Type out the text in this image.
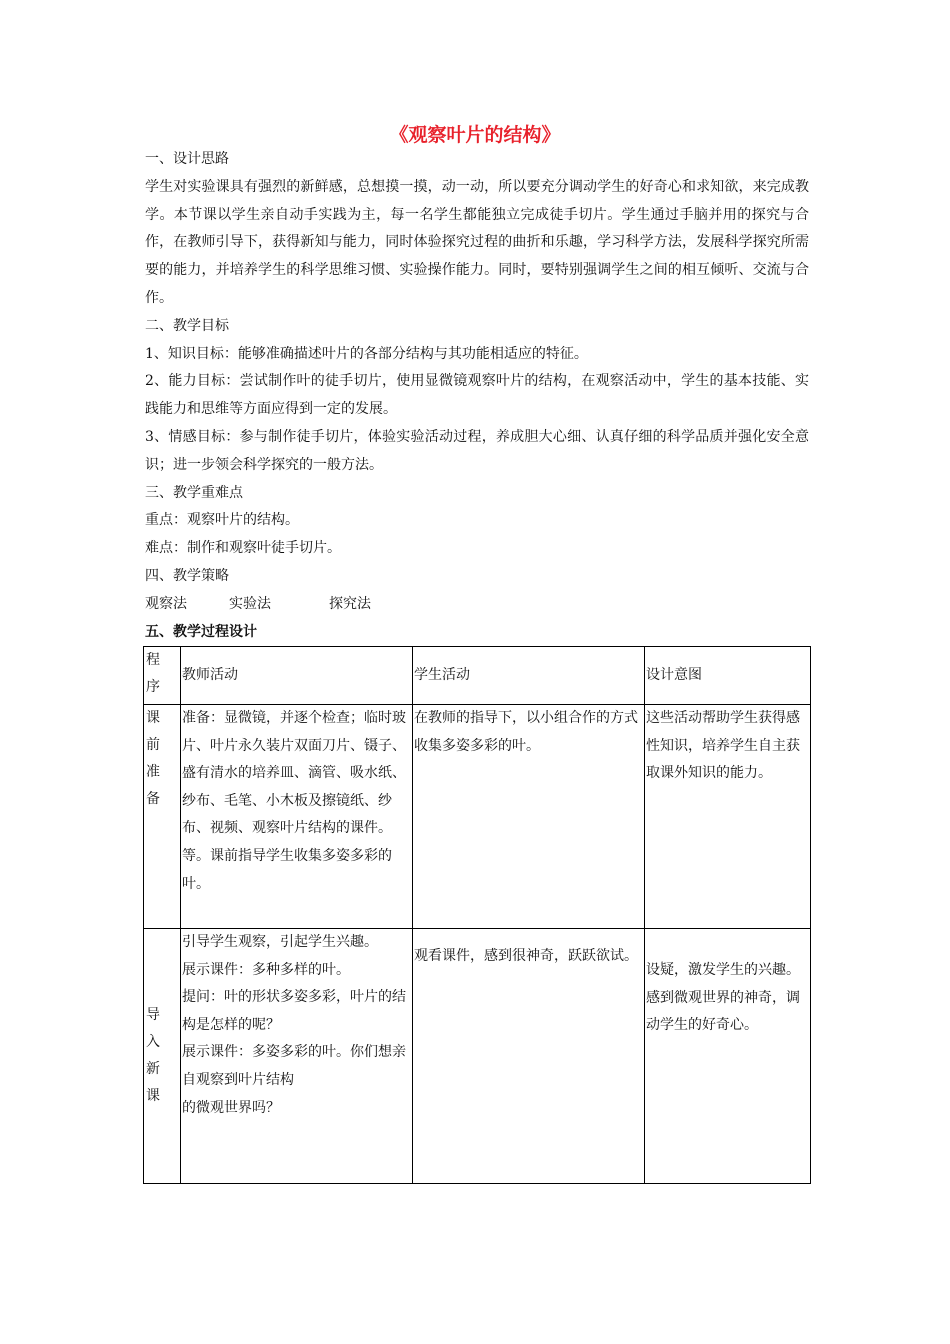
《观察叶片的结构》
一、设计思路

学生对实验课具有强烈的新鲜感，总想摸一摸，动一动，所以要充分调动学生的好奇心和求知欲，来完成教学。本节课以学生亲自动手实践为主，每一名学生都能独立完成徒手切片。学生通过手脑并用的探究与合作，在教师引导下，获得新知与能力，同时体验探究过程的曲折和乐趣，学习科学方法，发展科学探究所需要的能力，并培养学生的科学思维习惯、实验操作能力。同时，要特别强调学生之间的相互倾听、交流与合作。

二、教学目标

1、知识目标：能够准确描述叶片的各部分结构与其功能相适应的特征。

2、能力目标：尝试制作叶的徒手切片，使用显微镜观察叶片的结构，在观察活动中，学生的基本技能、实践能力和思维等方面应得到一定的发展。

3、情感目标：参与制作徒手切片，体验实验活动过程，养成胆大心细、认真仔细的科学品质并强化安全意识；进一步领会科学探究的一般方法。

三、教学重难点
重点：观察叶片的结构。
难点：制作和观察叶徒手切片。
四、教学策略
观察法	实验法	探究法
五、教学过程设计
程序	教师活动	学生活动	设计意图

课前准备	准备：显微镜，并逐个检查；临时玻片、叶片永久装片双面刀片、镊子、盛有清水的培养皿、滴管、吸水纸、纱布、毛笔、小木板及擦镜纸、纱布、视频、观察叶片结构的课件。等。课前指导学生收集多姿多彩的叶。	在教师的指导下，以小组合作的方式收集多姿多彩的叶。	这些活动帮助学生获得感性知识，培养学生自主获取课外知识的能力。

导入新课	引导学生观察，引起学生兴趣。
展示课件：多种多样的叶。
提问：叶的形状多姿多彩，叶片的结构是怎样的呢？
展示课件：多姿多彩的叶。你们想亲自观察到叶片结构
的微观世界吗？	观看课件，感到很神奇，跃跃欲试。	设疑，激发学生的兴趣。
感到微观世界的神奇，调动学生的好奇心。
